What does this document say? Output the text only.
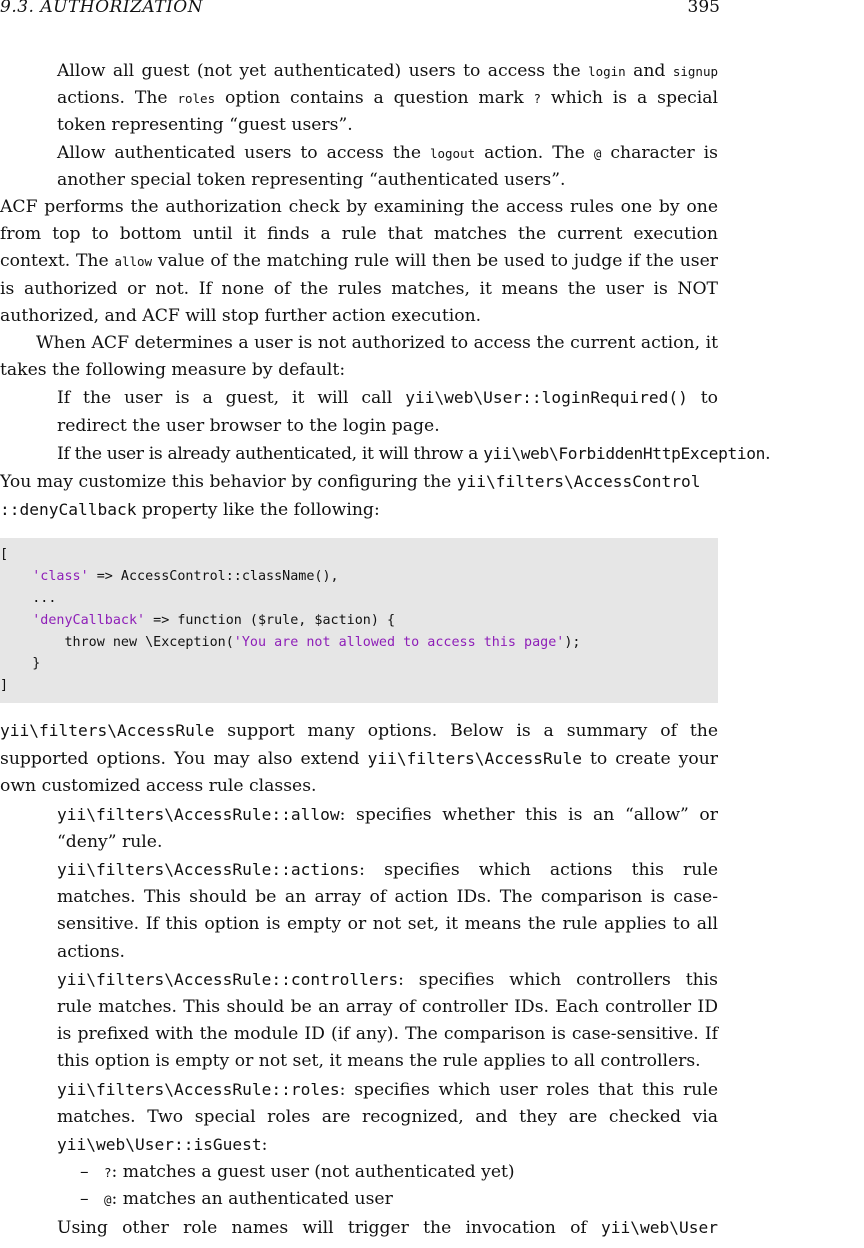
9.3. AUTHORIZATION	395

Allow all guest (not yet authenticated) users to access the login and signup actions. The roles option contains a question mark ? which is a special token representing “guest users”.

Allow authenticated users to access the logout action. The @ character is another special token representing “authenticated users”.

ACF performs the authorization check by examining the access rules one by one from top to bottom until it finds a rule that matches the current execution context. The allow value of the matching rule will then be used to judge if the user is authorized or not. If none of the rules matches, it means the user is NOT authorized, and ACF will stop further action execution.

When ACF determines a user is not authorized to access the current action, it takes the following measure by default:

If the user is a guest, it will call yii\web\User::loginRequired() to redirect the user browser to the login page.

If the user is already authenticated, it will throw a yii\web\ForbiddenHttpException.

You may customize this behavior by configuring the yii\filters\AccessControl
::denyCallback property like the following:

[
'class' => AccessControl::className(),
...
'denyCallback' => function ($rule, $action) {
throw new \Exception('You are not allowed to access this page');
}
]

yii\filters\AccessRule support many options. Below is a summary of the supported options. You may also extend yii\filters\AccessRule to create your own customized access rule classes.

yii\filters\AccessRule::allow: specifies whether this is an “allow” or “deny” rule.

yii\filters\AccessRule::actions: specifies which actions this rule matches. This should be an array of action IDs. The comparison is case-sensitive. If this option is empty or not set, it means the rule applies to all actions.

yii\filters\AccessRule::controllers: specifies which controllers this rule matches. This should be an array of controller IDs. Each controller ID is prefixed with the module ID (if any). The comparison is case-sensitive. If this option is empty or not set, it means the rule applies to all controllers.

yii\filters\AccessRule::roles: specifies which user roles that this rule matches. Two special roles are recognized, and they are checked via yii\web\User::isGuest:

– ?: matches a guest user (not authenticated yet)

– @: matches an authenticated user

Using other role names will trigger the invocation of yii\web\User
